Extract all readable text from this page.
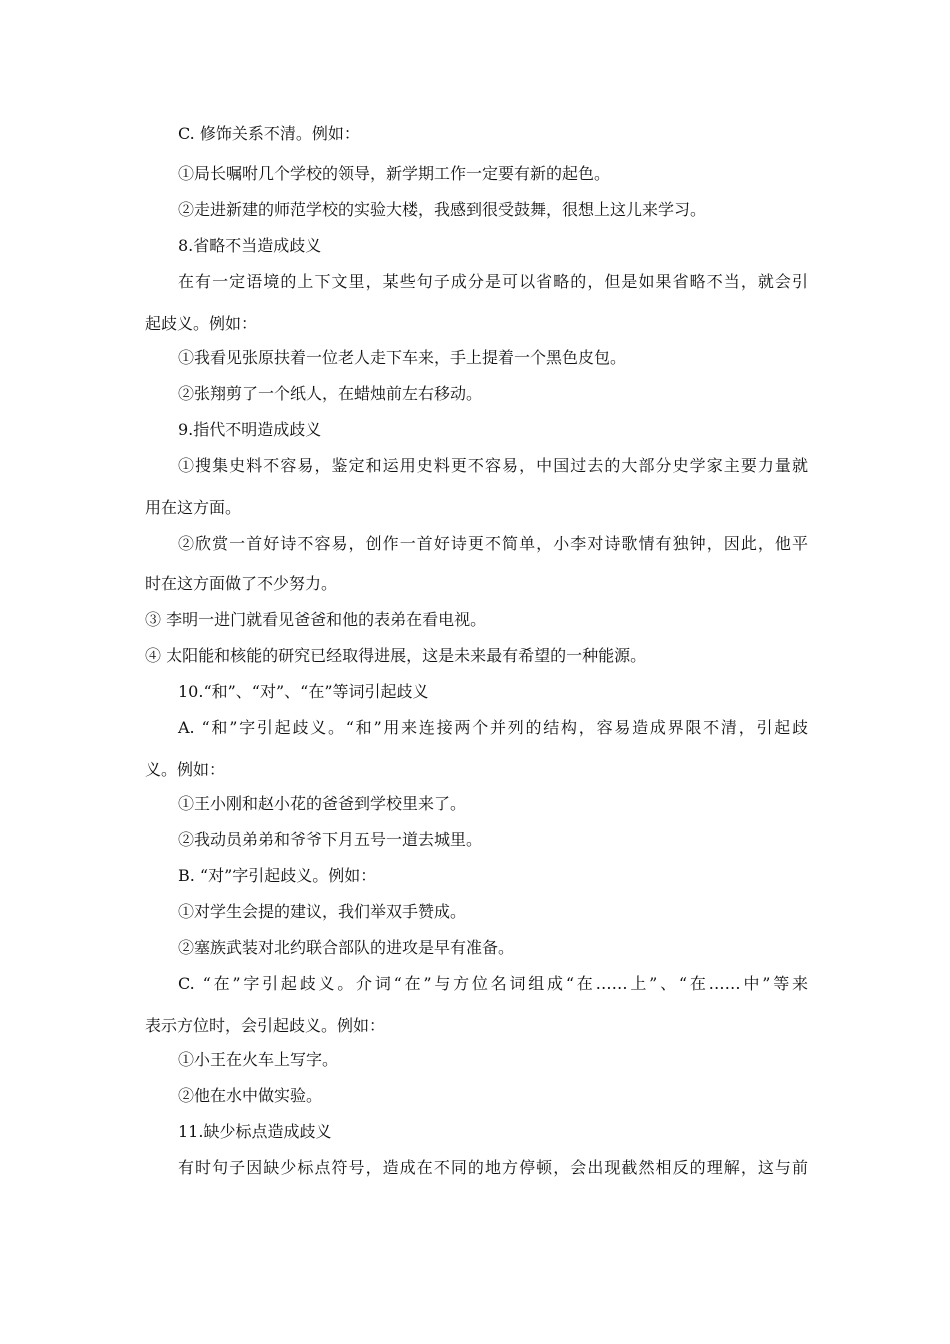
C. 修饰关系不清。例如：
①局长嘱咐几个学校的领导，新学期工作一定要有新的起色。
②走进新建的师范学校的实验大楼，我感到很受鼓舞，很想上这儿来学习。
8.省略不当造成歧义
在有一定语境的上下文里，某些句子成分是可以省略的，但是如果省略不当，就会引
起歧义。例如：
①我看见张原扶着一位老人走下车来，手上提着一个黑色皮包。
②张翔剪了一个纸人，在蜡烛前左右移动。
9.指代不明造成歧义
①搜集史料不容易，鉴定和运用史料更不容易，中国过去的大部分史学家主要力量就
用在这方面。
②欣赏一首好诗不容易，创作一首好诗更不简单，小李对诗歌情有独钟，因此，他平
时在这方面做了不少努力。
③ 李明一进门就看见爸爸和他的表弟在看电视。
④ 太阳能和核能的研究已经取得进展，这是未来最有希望的一种能源。
10.“和”、“对”、“在”等词引起歧义
A. “和”字引起歧义。“和”用来连接两个并列的结构，容易造成界限不清，引起歧
义。例如：
①王小刚和赵小花的爸爸到学校里来了。
②我动员弟弟和爷爷下月五号一道去城里。
B. “对”字引起歧义。例如：
①对学生会提的建议，我们举双手赞成。
②塞族武装对北约联合部队的进攻是早有准备。
C. “在”字引起歧义。介词“在”与方位名词组成“在……上”、“在……中”等来
表示方位时，会引起歧义。例如：
①小王在火车上写字。
②他在水中做实验。
11.缺少标点造成歧义
有时句子因缺少标点符号，造成在不同的地方停顿，会出现截然相反的理解，这与前
